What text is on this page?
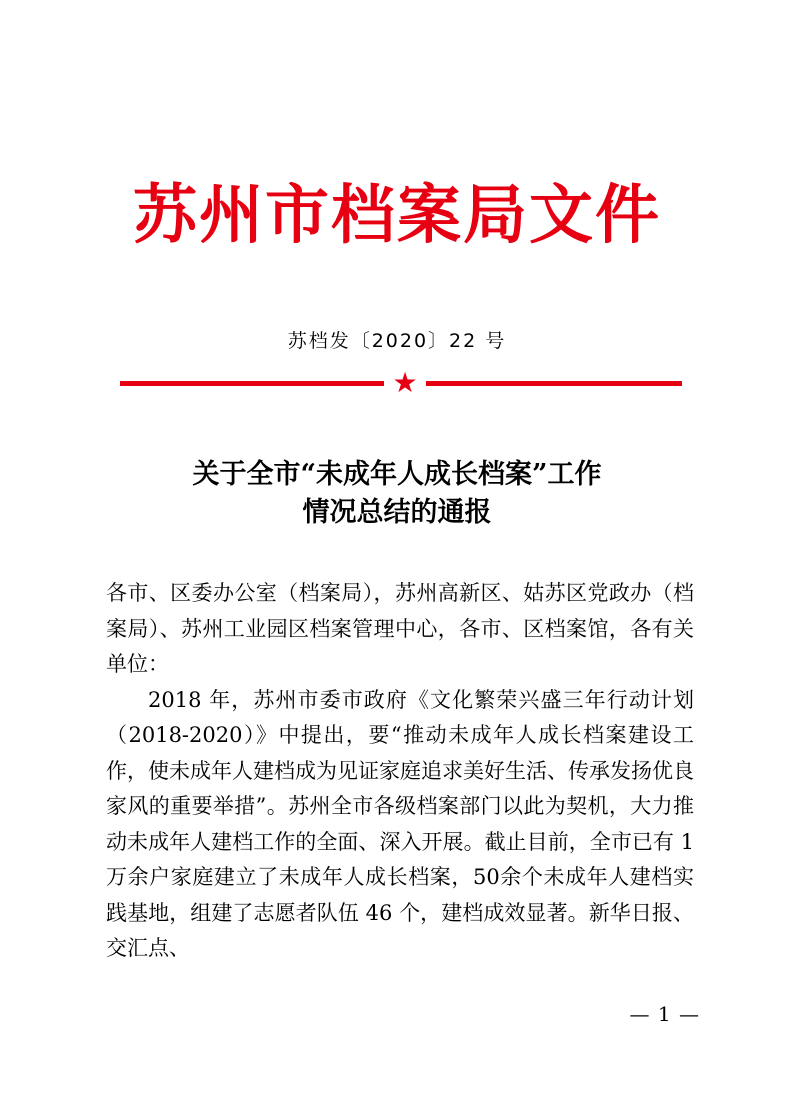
苏州市档案局文件
苏档发〔2020〕22 号
★
关于全市“未成年人成长档案”工作
情况总结的通报

各市、区委办公室（档案局），苏州高新区、姑苏区党政办（档案局）、苏州工业园区档案管理中心，各市、区档案馆，各有关单位：

2018 年，苏州市委市政府《文化繁荣兴盛三年行动计划（2018-2020）》中提出，要“推动未成年人成长档案建设工作，使未成年人建档成为见证家庭追求美好生活、传承发扬优良家风的重要举措”。苏州全市各级档案部门以此为契机，大力推动未成年人建档工作的全面、深入开展。截止目前，全市已有 1 万余户家庭建立了未成年人成长档案，50余个未成年人建档实践基地，组建了志愿者队伍 46 个，建档成效显著。新华日报、交汇点、

— 1 —
